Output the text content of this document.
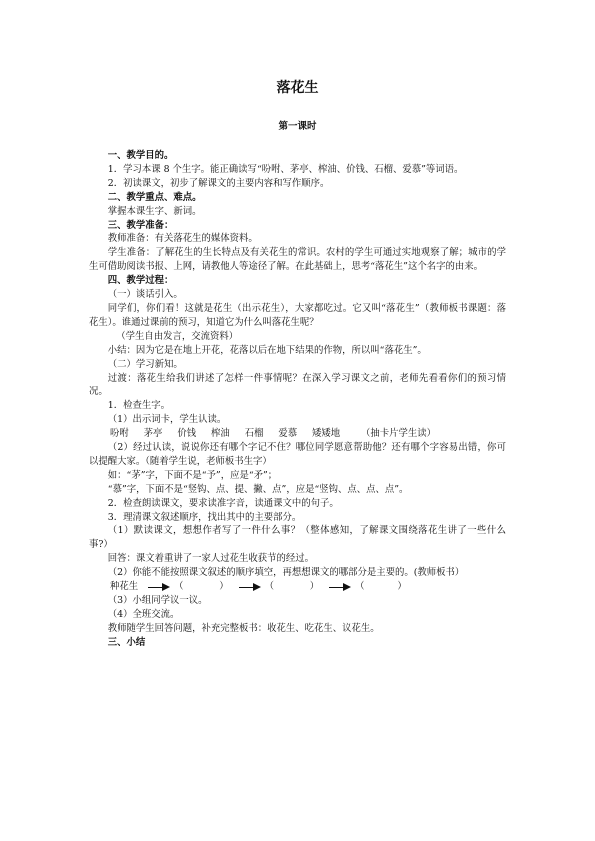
落花生
第一课时

一、教学目的。

1．学习本课 8 个生字。能正确读写“吩咐、茅亭、榨油、价钱、石榴、爱慕”等词语。

2．初读课文，初步了解课文的主要内容和写作顺序。

二、教学重点、难点。

掌握本课生字、新词。

三、教学准备：

教师准备：有关落花生的媒体资料。

学生准备：了解花生的生长特点及有关花生的常识。农村的学生可通过实地观察了解；城市的学生可借助阅读书报、上网，请教他人等途径了解。在此基础上，思考“落花生”这个名字的由来。

四、教学过程：

（一）谈话引入。

同学们，你们看！这就是花生（出示花生），大家都吃过。它又叫“落花生”（教师板书课题：落花生）。谁通过课前的预习，知道它为什么叫落花生呢？

（学生自由发言，交流资料）

小结：因为它是在地上开花，花落以后在地下结果的作物，所以叫“落花生”。

（二）学习新知。

过渡：落花生给我们讲述了怎样一件事情呢？在深入学习课文之前，老师先看看你们的预习情况。

1．检查生字。

（1）出示词卡，学生认读。

吩咐
茅亭
价钱
榨油
石榴
爱慕
矮矮地
（抽卡片学生读）

（2）经过认读，说说你还有哪个字记不住？哪位同学愿意帮助他？还有哪个字容易出错，你可以提醒大家。（随着学生说，老师板书生字）

如：“茅”字，下面不是“予”，应是“矛”；

“慕”字，下面不是“竖钩、点、提、撇、点”，应是“竖钩、点、点、点”。

2．检查朗读课文，要求读准字音，读通课文中的句子。

3．理清课文叙述顺序，找出其中的主要部分。

（1）默读课文，想想作者写了一件什么事？（整体感知，了解课文围绕落花生讲了一些什么事?）

回答：课文着重讲了一家人过花生收获节的经过。

（2）你能不能按照课文叙述的顺序填空，再想想课文的哪部分是主要的。(教师板书）

种花生	（            ）	（            ）	（           ）

（3）小组同学议一议。

（4）全班交流。

教师随学生回答问题，补充完整板书：收花生、吃花生、议花生。

三、小结
